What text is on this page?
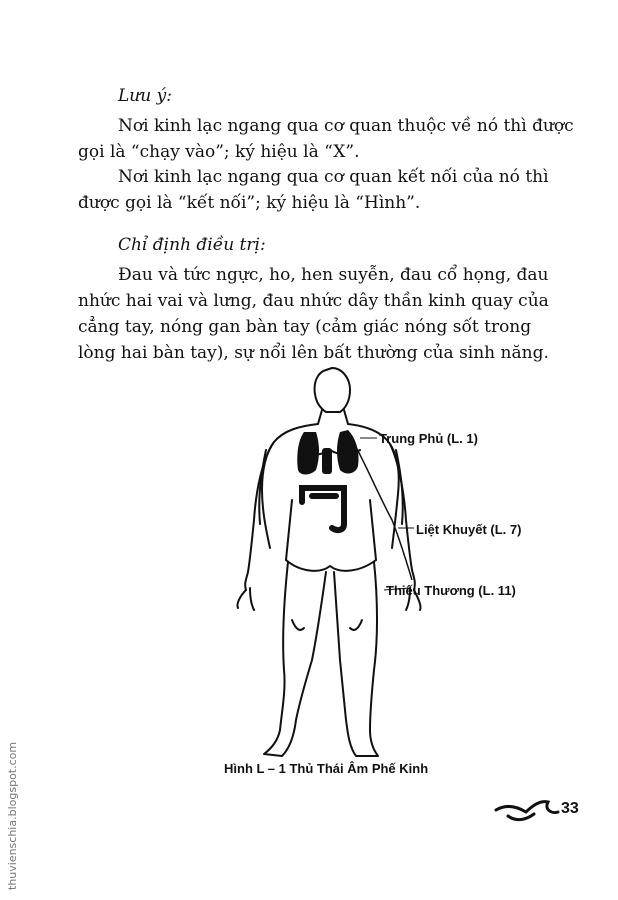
Lưu ý:
Nơi kinh lạc ngang qua cơ quan thuộc về nó thì được
gọi là “chạy vào”; ký hiệu là “X”.
Nơi kinh lạc ngang qua cơ quan kết nối của nó thì
được gọi là “kết nối”; ký hiệu là “Hình”.
Chỉ định điều trị:
Đau và tức ngực, ho, hen suyễn, đau cổ họng, đau
nhức hai vai và lưng, đau nhức dây thần kinh quay của
cẳng tay, nóng gan bàn tay (cảm giác nóng sốt trong
lòng hai bàn tay), sự nổi lên bất thường của sinh năng.
Trung Phủ (L. 1)
Liệt Khuyết (L. 7)
Thiếu Thương (L. 11)
Hình L – 1 Thủ Thái Âm Phế Kinh
33
thuvienschia.blogspot.com
